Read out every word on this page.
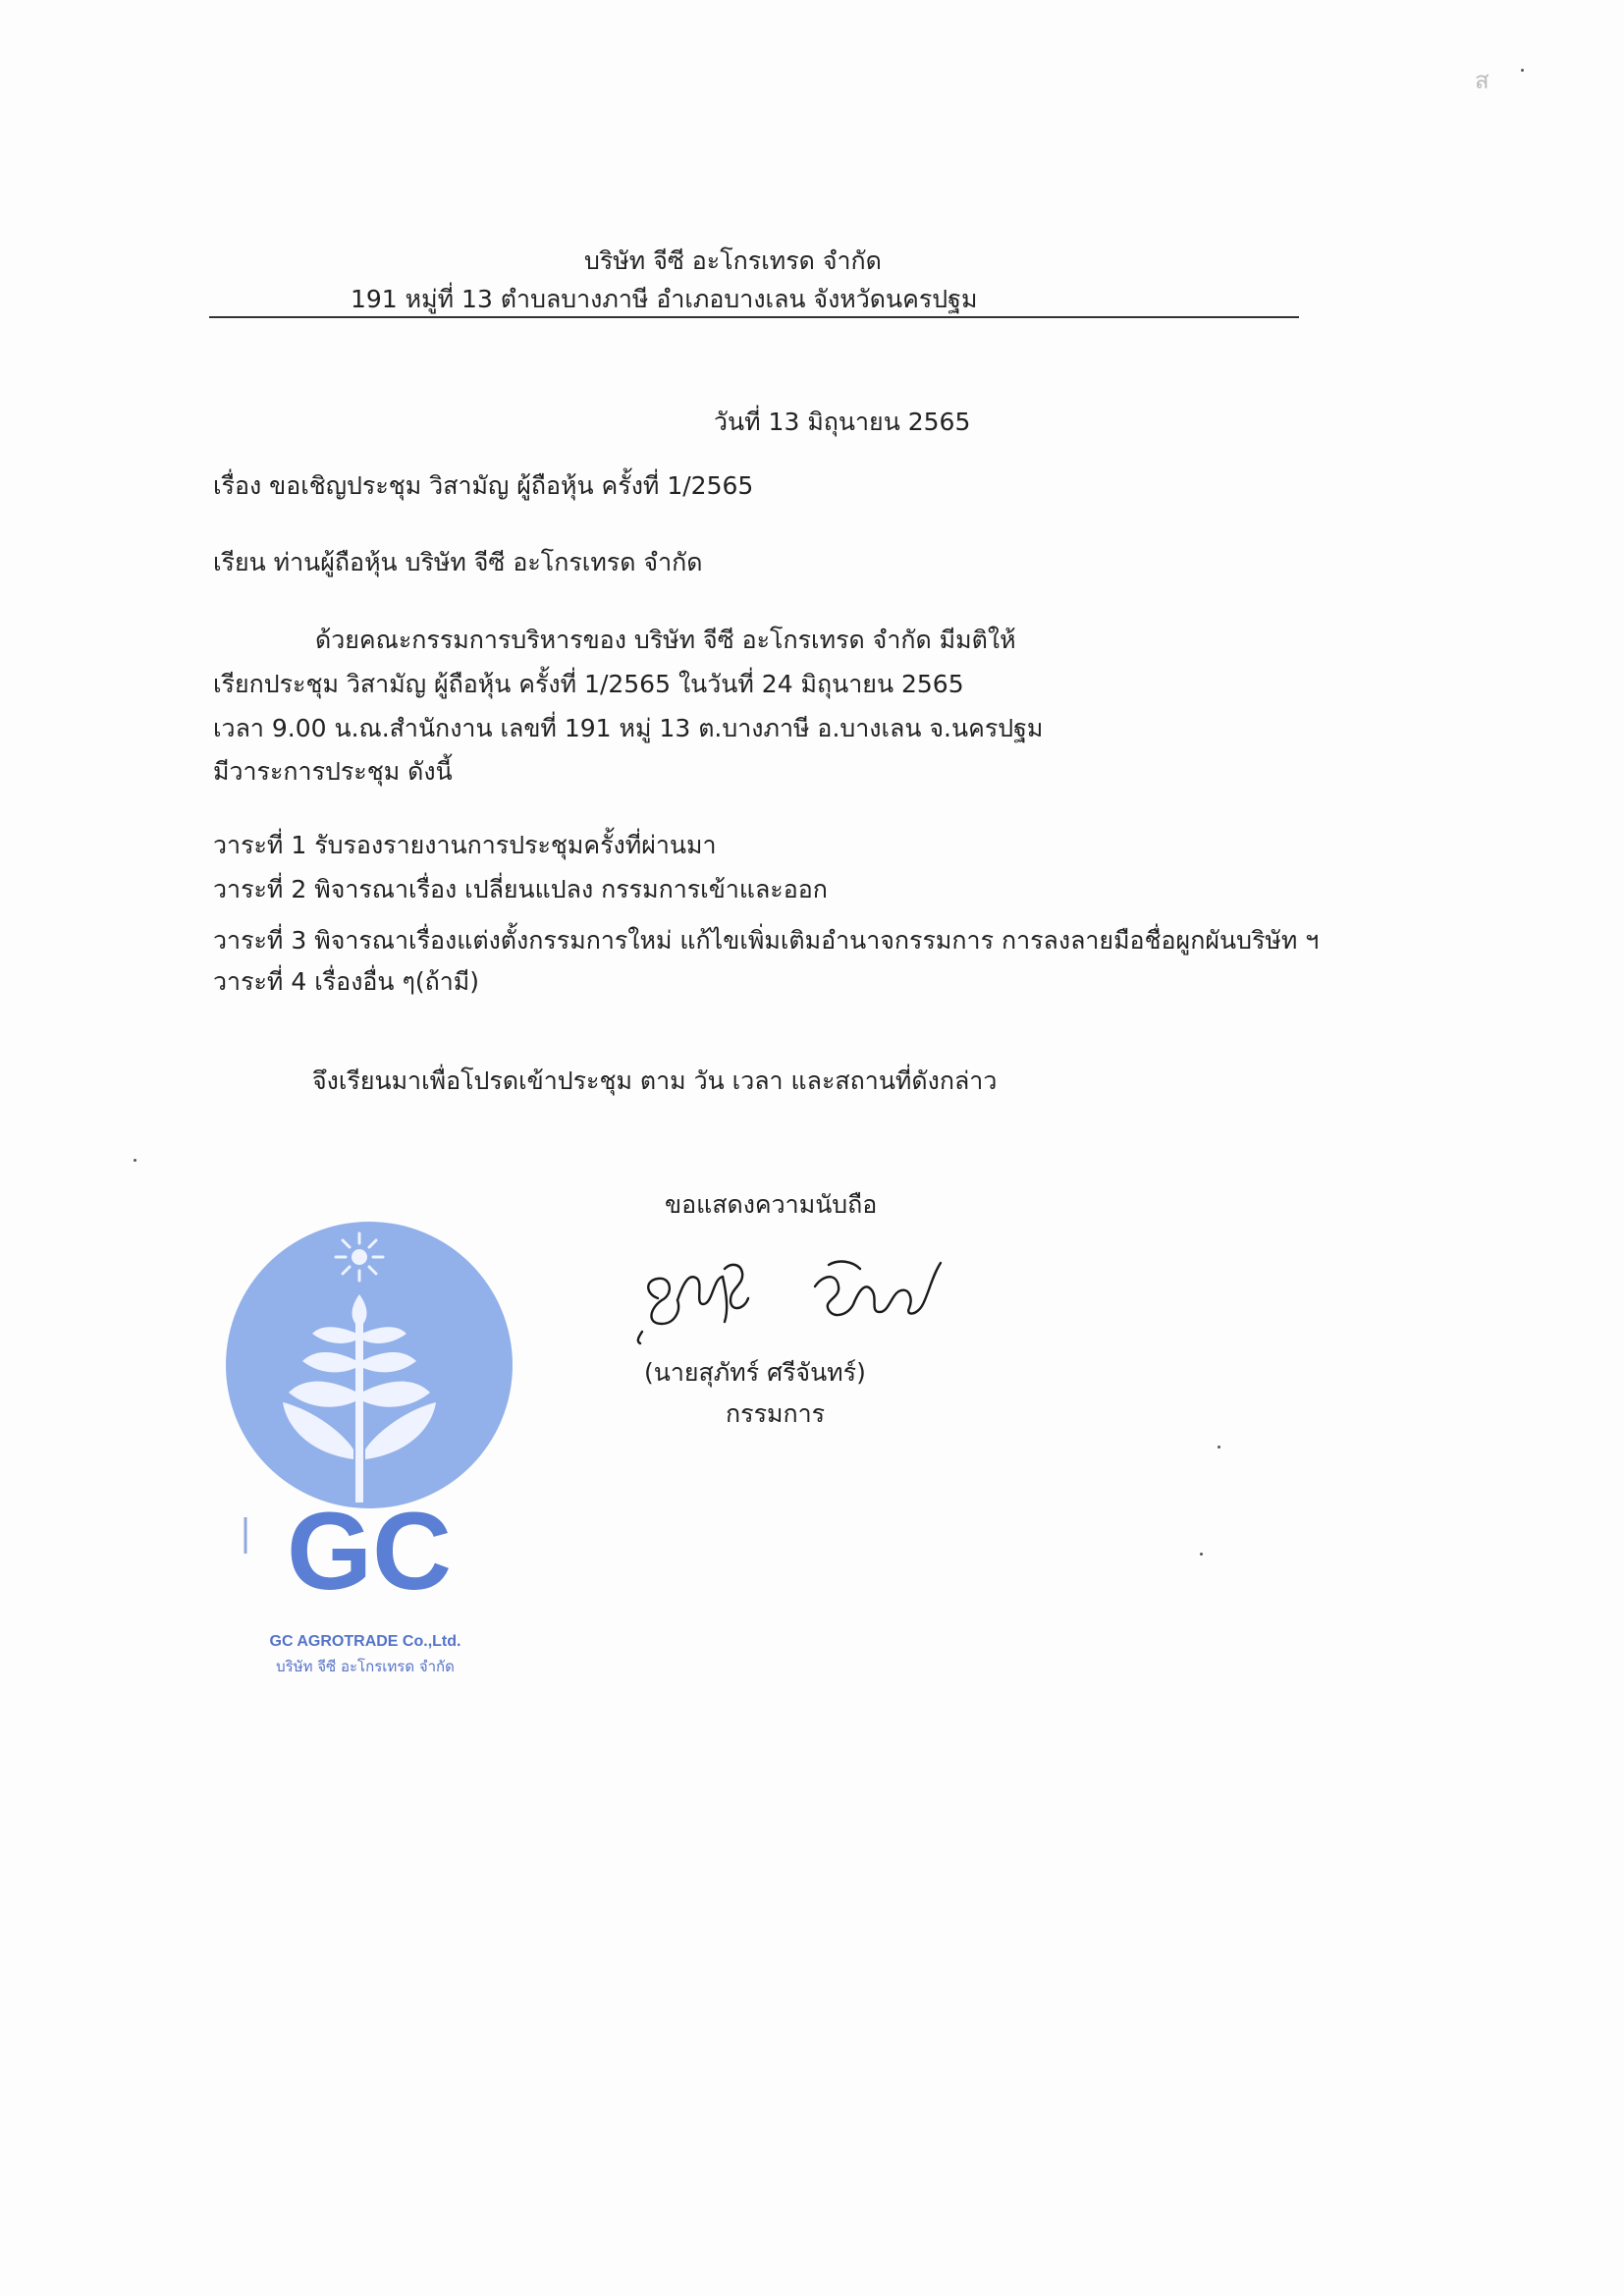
ส
บริษัท จีซี อะโกรเทรด จำกัด
191 หมู่ที่ 13 ตำบลบางภาษี อำเภอบางเลน จังหวัดนครปฐม
วันที่ 13 มิถุนายน 2565
เรื่อง ขอเชิญประชุม วิสามัญ ผู้ถือหุ้น ครั้งที่ 1/2565
เรียน ท่านผู้ถือหุ้น บริษัท จีซี อะโกรเทรด จำกัด
ด้วยคณะกรรมการบริหารของ บริษัท จีซี อะโกรเทรด จำกัด มีมติให้
เรียกประชุม วิสามัญ ผู้ถือหุ้น ครั้งที่ 1/2565 ในวันที่ 24 มิถุนายน 2565
เวลา 9.00 น.ณ.สำนักงาน เลขที่ 191 หมู่ 13 ต.บางภาษี อ.บางเลน จ.นครปฐม
มีวาระการประชุม ดังนี้
วาระที่ 1 รับรองรายงานการประชุมครั้งที่ผ่านมา
วาระที่ 2 พิจารณาเรื่อง เปลี่ยนแปลง กรรมการเข้าและออก
วาระที่ 3 พิจารณาเรื่องแต่งตั้งกรรมการใหม่ แก้ไขเพิ่มเติมอำนาจกรรมการ การลงลายมือชื่อผูกผันบริษัท ฯ
วาระที่ 4 เรื่องอื่น ๆ(ถ้ามี)
จึงเรียนมาเพื่อโปรดเข้าประชุม ตาม วัน เวลา และสถานที่ดังกล่าว
ขอแสดงความนับถือ
(นายสุภัทร์ ศรีจันทร์)
กรรมการ
GC
GC AGROTRADE Co.,Ltd.
บริษัท จีซี อะโกรเทรด จำกัด
